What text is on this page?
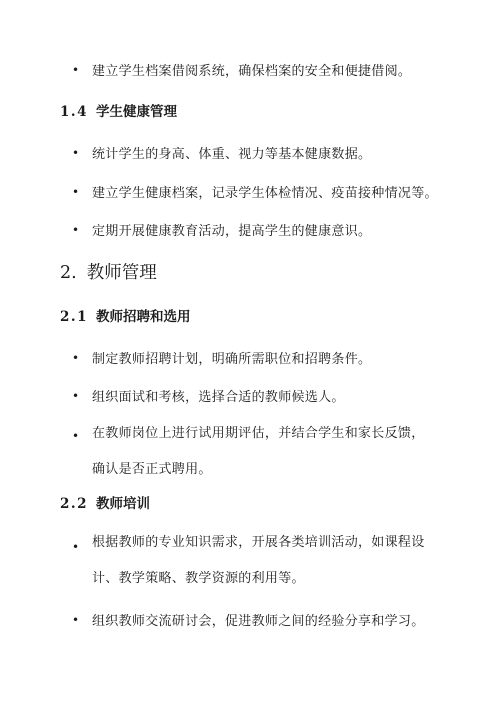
• 建立学生档案借阅系统，确保档案的安全和便捷借阅。
1.4 学生健康管理
• 统计学生的身高、体重、视力等基本健康数据。
• 建立学生健康档案，记录学生体检情况、疫苗接种情况等。
• 定期开展健康教育活动，提高学生的健康意识。
2. 教师管理
2.1 教师招聘和选用
• 制定教师招聘计划，明确所需职位和招聘条件。
• 组织面试和考核，选择合适的教师候选人。
• 在教师岗位上进行试用期评估，并结合学生和家长反馈，确认是否正式聘用。
2.2 教师培训
• 根据教师的专业知识需求，开展各类培训活动，如课程设计、教学策略、教学资源的利用等。
• 组织教师交流研讨会，促进教师之间的经验分享和学习。
